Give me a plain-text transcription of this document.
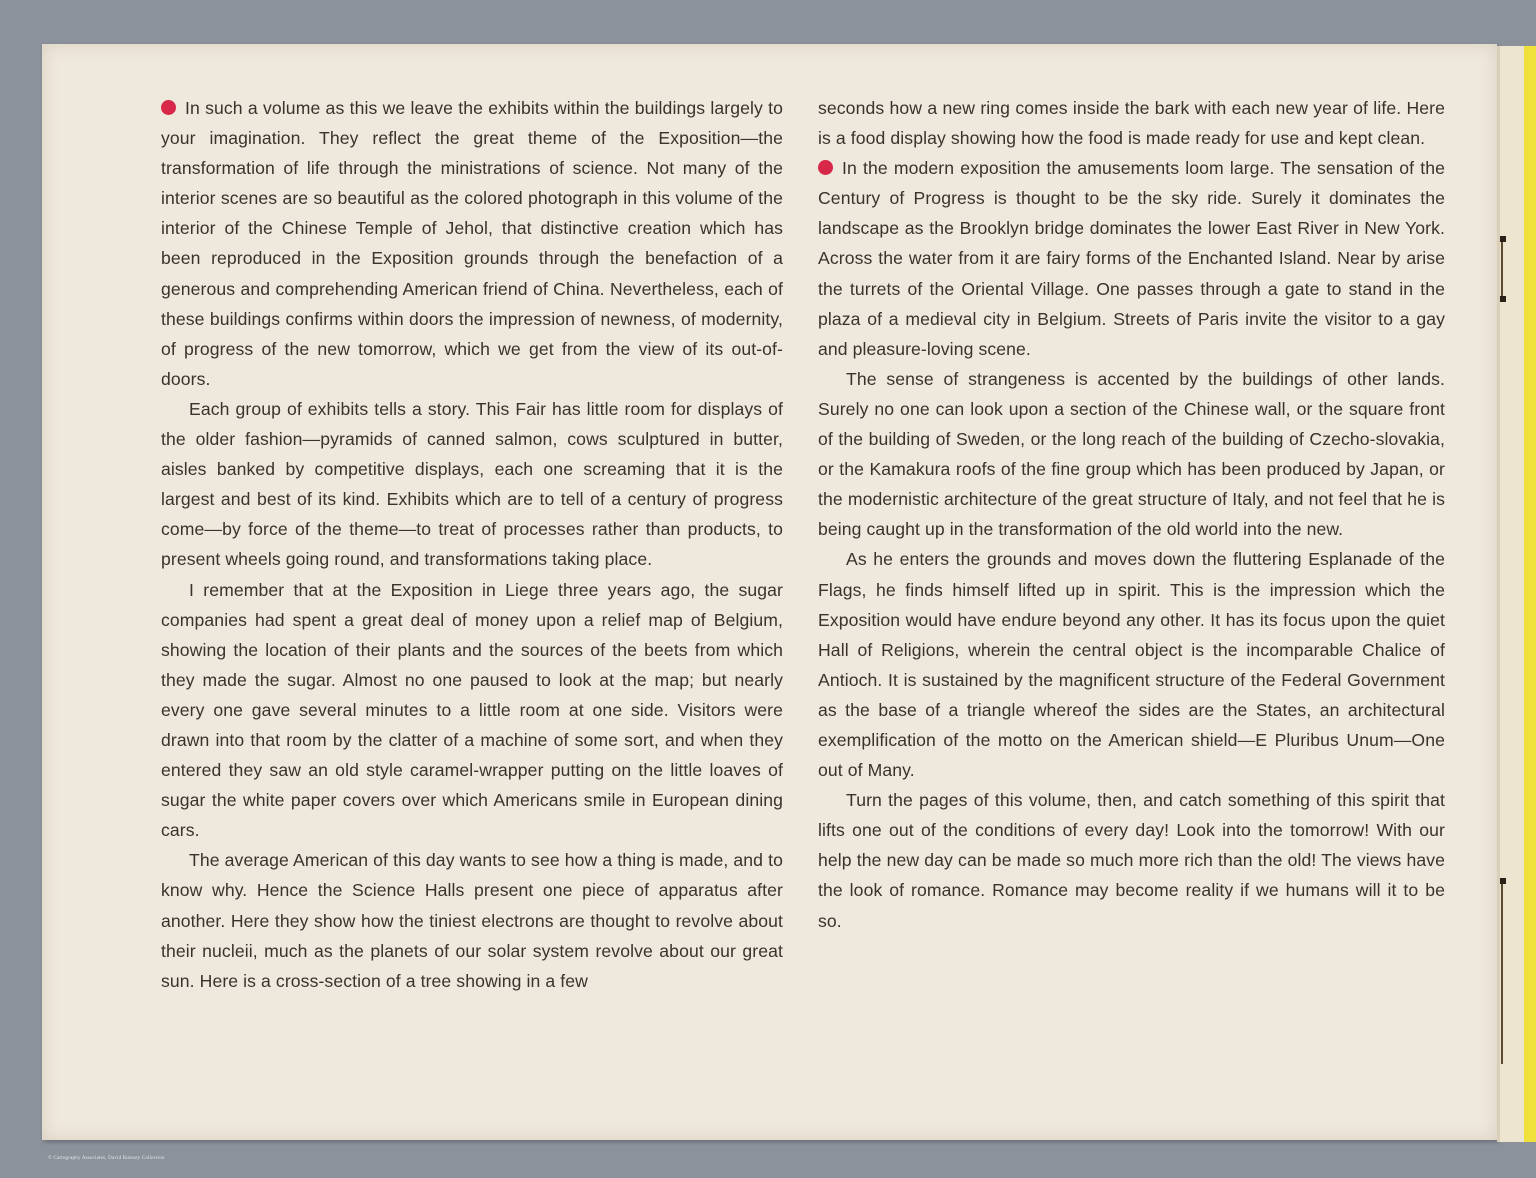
In such a volume as this we leave the exhibits within the buildings largely to your imagination. They reflect the great theme of the Exposition—the transformation of life through the ministrations of science. Not many of the interior scenes are so beautiful as the colored photograph in this volume of the interior of the Chinese Temple of Jehol, that distinctive creation which has been reproduced in the Exposition grounds through the benefaction of a generous and comprehending American friend of China. Nevertheless, each of these buildings confirms within doors the impression of newness, of modernity, of progress of the new tomorrow, which we get from the view of its out-of-doors.

Each group of exhibits tells a story. This Fair has little room for displays of the older fashion—pyramids of canned salmon, cows sculptured in butter, aisles banked by competitive displays, each one screaming that it is the largest and best of its kind. Exhibits which are to tell of a century of progress come—by force of the theme—to treat of processes rather than products, to present wheels going round, and transformations taking place.

I remember that at the Exposition in Liege three years ago, the sugar companies had spent a great deal of money upon a relief map of Belgium, showing the location of their plants and the sources of the beets from which they made the sugar. Almost no one paused to look at the map; but nearly every one gave several minutes to a little room at one side. Visitors were drawn into that room by the clatter of a machine of some sort, and when they entered they saw an old style caramel-wrapper putting on the little loaves of sugar the white paper covers over which Americans smile in European dining cars.

The average American of this day wants to see how a thing is made, and to know why. Hence the Science Halls present one piece of apparatus after another. Here they show how the tiniest electrons are thought to revolve about their nucleii, much as the planets of our solar system revolve about our great sun. Here is a cross-section of a tree showing in a few

seconds how a new ring comes inside the bark with each new year of life. Here is a food display showing how the food is made ready for use and kept clean.

In the modern exposition the amusements loom large. The sensation of the Century of Progress is thought to be the sky ride. Surely it dominates the landscape as the Brooklyn bridge dominates the lower East River in New York. Across the water from it are fairy forms of the Enchanted Island. Near by arise the turrets of the Oriental Village. One passes through a gate to stand in the plaza of a medieval city in Belgium. Streets of Paris invite the visitor to a gay and pleasure-loving scene.

The sense of strangeness is accented by the buildings of other lands. Surely no one can look upon a section of the Chinese wall, or the square front of the building of Sweden, or the long reach of the building of Czecho-slovakia, or the Kamakura roofs of the fine group which has been produced by Japan, or the modernistic architecture of the great structure of Italy, and not feel that he is being caught up in the transformation of the old world into the new.

As he enters the grounds and moves down the fluttering Esplanade of the Flags, he finds himself lifted up in spirit. This is the impression which the Exposition would have endure beyond any other. It has its focus upon the quiet Hall of Religions, wherein the central object is the incomparable Chalice of Antioch. It is sustained by the magnificent structure of the Federal Government as the base of a triangle whereof the sides are the States, an architectural exemplification of the motto on the American shield—E Pluribus Unum—One out of Many.

Turn the pages of this volume, then, and catch something of this spirit that lifts one out of the conditions of every day! Look into the tomorrow! With our help the new day can be made so much more rich than the old! The views have the look of romance. Romance may become reality if we humans will it to be so.

© Cartography Associates, David Rumsey Collection
